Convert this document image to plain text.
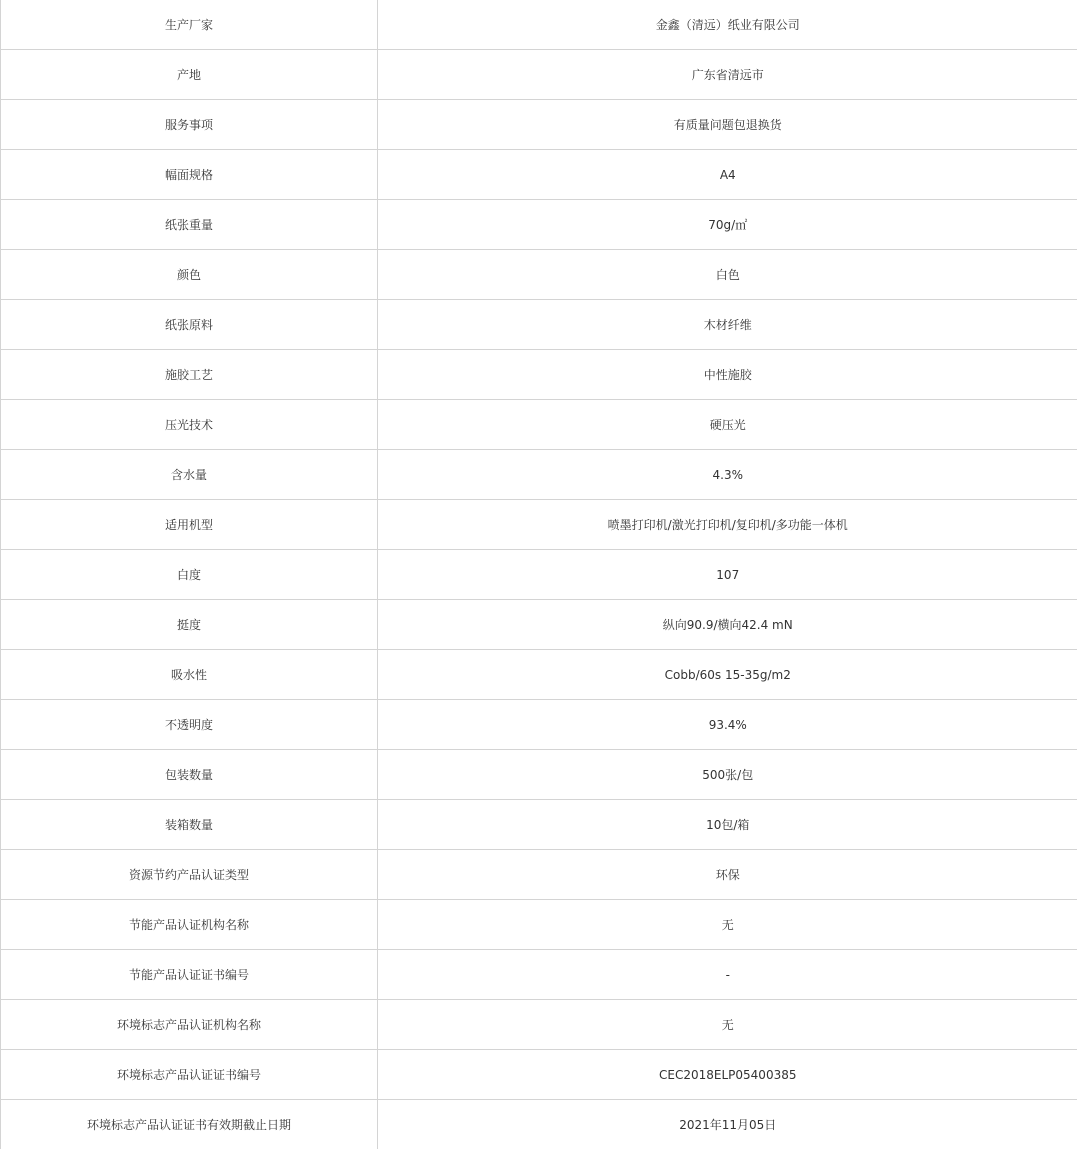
生产厂家	金鑫（清远）纸业有限公司
产地	广东省清远市
服务事项	有质量问题包退换货
幅面规格	A4
纸张重量	70g/㎡
颜色	白色
纸张原料	木材纤维
施胶工艺	中性施胶
压光技术	硬压光
含水量	4.3%
适用机型	喷墨打印机/激光打印机/复印机/多功能一体机
白度	107
挺度	纵向90.9/横向42.4 mN
吸水性	Cobb/60s 15-35g/m2
不透明度	93.4%
包装数量	500张/包
装箱数量	10包/箱
资源节约产品认证类型	环保
节能产品认证机构名称	无
节能产品认证证书编号	-
环境标志产品认证机构名称	无
环境标志产品认证证书编号	CEC2018ELP05400385
环境标志产品认证证书有效期截止日期	2021年11月05日
